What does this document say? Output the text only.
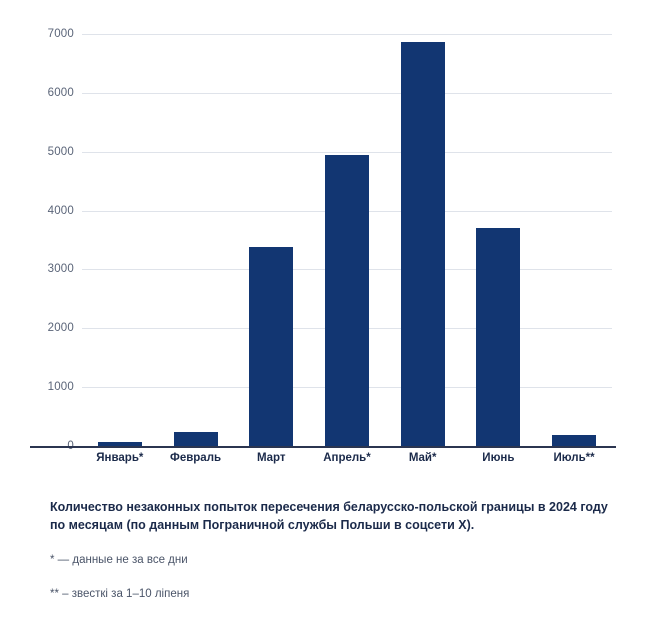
7000
6000
5000
4000
3000
2000
1000
Январь*	Февраль	Март	Апрель*	Май*	Июнь	Июль**

Количество незаконных попыток пересечения беларусско-польской границы в 2024 году по месяцам (по данным Пограничной службы Польши в соцсети X).

* — данные не за все дни

** – звесткі за 1–10 ліпеня
